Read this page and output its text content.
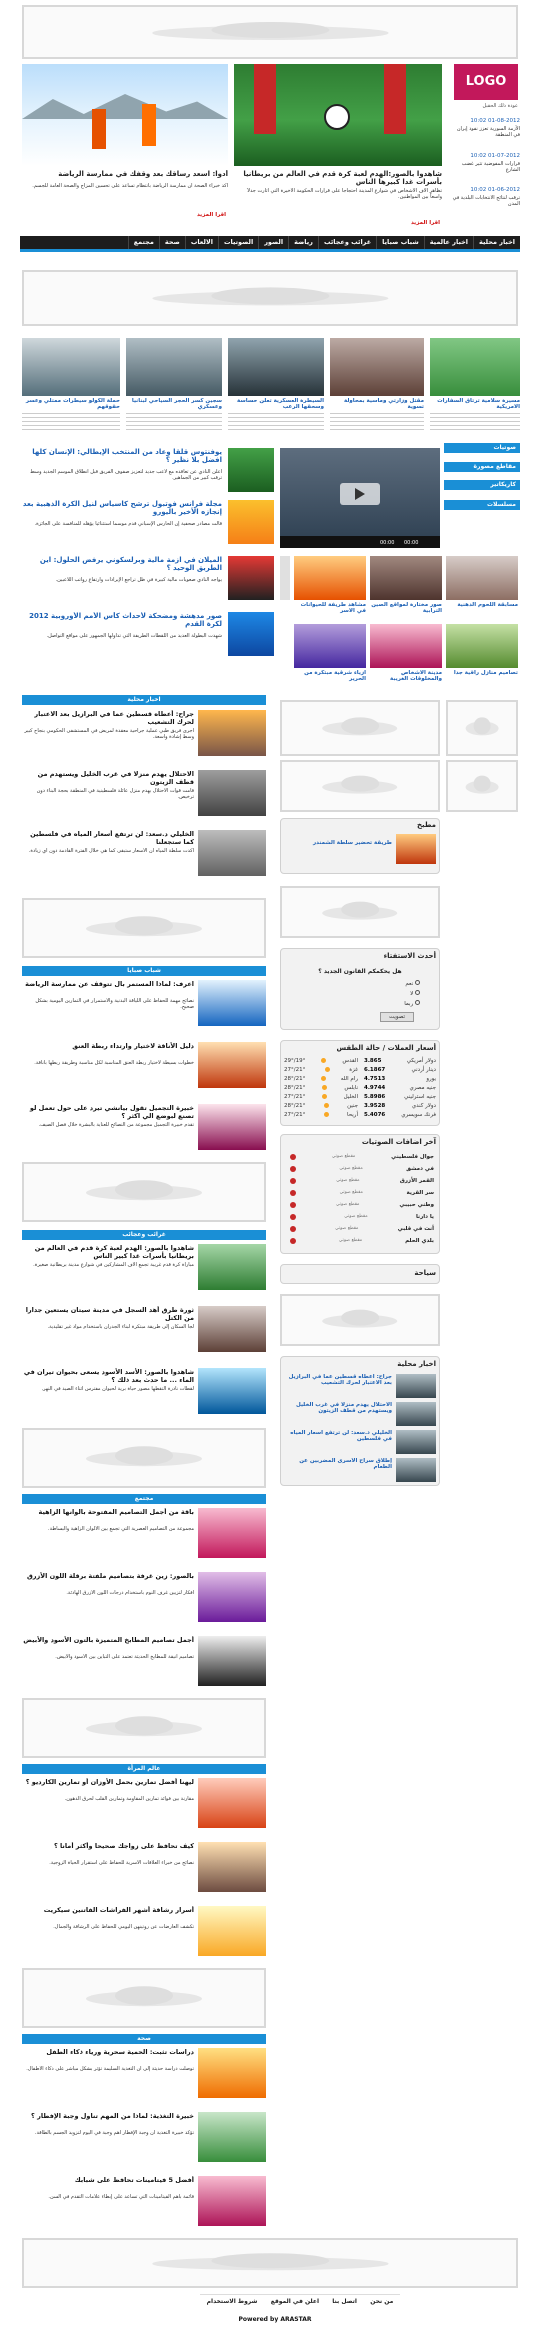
LOGO
عودة ذلك الحقبل
01-08-2012 10:02
الأزمة السورية تعزز نفوذ إيران في المنطقة
01-07-2012 10:02
قرارات المفوضية تثير غضب الشارع
01-06-2012 10:02
ترقب لنتائج الانتخابات البلدية في المدن
شاهدوا بالصور:الهدم لعبة كرة قدم في العالم من بريطانيا بأسرات غدا كبيرها الناس
تظاهر آلاف الأشخاص في شوارع المدينة احتجاجاً على قرارات الحكومة الأخيرة التي أثارت جدلاً واسعاً بين المواطنين.
اقرأ المزيد
أدوا: اسعد رساقك بعد وقفك في ممارسة الرياضة
أكد خبراء الصحة أن ممارسة الرياضة بانتظام تساعد على تحسين المزاج والصحة العامة للجسم.
اقرأ المزيد
اخبار محلية
اخبار عالمية
شباب صبايا
غرائب وعجائب
رياضة
الصور
الصوتيات
الالعاب
صحة
مجتمع
مسيرة سلامية ترتاق السفارات الامريكية
مقتل وزارتي وماسية بمحاولة تسوية
السيطرة العسكرية تعلن حساسة وسحقها الرعب
سجين كسر الحجر السياحي لبنانيا وعسكري
حملة الكولو سيطرات ممتلي وعسر حقوقهم
صوتيات
مقاطع مصورة
كاريكاتير
مسلسلات
00:00 00:00
يوفنتوس قلقا وعاد من المنتخب الإيطالي: الإنسان كلها افضل بلا نظير ؟
أعلن النادي عن تعاقده مع لاعب جديد لتعزيز صفوف الفريق قبل انطلاق الموسم الجديد وسط ترقب كبير من الجماهير.
مجلة فرانس فوتبول ترشح كاسياس لنيل الكرة الذهبية بعد إنجازه الأخير باليورو
قالت مصادر صحفية إن الحارس الإسباني قدم موسماً استثنائياً يؤهله للمنافسة على الجائزة.
الميلان في ازمة مالية وبرلسكوني يرفض الحلول: اين الطريق الوحيد ؟
يواجه النادي صعوبات مالية كبيرة في ظل تراجع الإيرادات وارتفاع رواتب اللاعبين.
صور مدهشة ومضحكة لأحداث كأس الأمم الأوروبية 2012 لكرة القدم
شهدت البطولة العديد من اللقطات الطريفة التي تداولها الجمهور على مواقع التواصل.
مسابقة اللحوم الدهنية
صور مختارة لمواقع الصين الترابية
مشاهد طريفة للحيوانات في الاسر
تصاميم منازل راقية جدا
مدينة الاشخاص والمخلوقات الغريبة
أزياء شرقية مبتكرة من الحرير
اخبار محلية
جراح: أعطاه قسطين عما في البرازيل بعد الاعتبار لحرك التشعيب
أجرى فريق طبي عملية جراحية معقدة لمريض في المستشفى الحكومي بنجاح كبير وسط إشادة واسعة.
الاحتلال يهدم منزلا في غرب الخليل ويستهدم من قطف الزيتون
قامت قوات الاحتلال بهدم منزل عائلة فلسطينية في المنطقة بحجة البناء دون ترخيص.
الخليلي د.سعد: لن ترتفع أسعار المياه في فلسطين كما ستجعلنا
أكدت سلطة المياه أن الأسعار ستبقى كما هي خلال الفترة القادمة دون أي زيادة.
شباب صبايا
اعرف: لماذا المستمر بال تتوقف عن ممارسة الرياضة
نصائح مهمة للحفاظ على اللياقة البدنية والاستمرار في التمارين اليومية بشكل صحيح.
دليل الأناقة لاختيار وارتداء ربطة العنق
خطوات بسيطة لاختيار ربطة العنق المناسبة لكل مناسبة وطريقة ربطها بأناقة.
خبيرة التجميل تقول بيانشي تيرد على حول تعمل لو تصنع لبوضع الي اكثر ؟
تقدم خبيرة التجميل مجموعة من النصائح للعناية بالبشرة خلال فصل الصيف.
غرائب وعجائب
شاهدوا بالصور: الهدم لعبة كرة قدم في العالم من بريطانيا بأسرات غدا كبير الناس
مباراة كرة قدم غريبة تجمع آلاف المشاركين في شوارع مدينة بريطانية صغيرة.
ثورة طرق أهد السجل في مدينة سيتان يستعين جدارا من الكتل
لجأ السكان إلى طريقة مبتكرة لبناء الجدران باستخدام مواد غير تقليدية.
شاهدوا بالصور: الأسد الأسود يسعى بحيوان تيران في الماء ... ما حدث بعد ذلك ؟
لقطات نادرة التقطها مصور حياة برية لحيوان مفترس أثناء الصيد في النهر.
مجتمع
باقة من أجمل التصاميم المفتوحة بالوانها الزاهية
مجموعة من التصاميم العصرية التي تجمع بين الألوان الزاهية والبساطة.
بالصور: زين غرفة بتصاميم ملفتة برقلة اللون الأزرق
أفكار لتزيين غرف النوم باستخدام درجات اللون الأزرق الهادئة.
أجمل تصاميم المطابخ المتميزة بالتون الأسود والأبيض
تصاميم أنيقة للمطابخ الحديثة تعتمد على التباين بين الأسود والأبيض.
عالم المرأة
ليهنا أفضل تمارين بحمل الأوزان أو تمارين الكارديو ؟
مقارنة بين فوائد تمارين المقاومة وتمارين القلب لحرق الدهون.
كيف تحافظ على زواجك صحيحا وأكثر أمانا ؟
نصائح من خبراء العلاقات الأسرية للحفاظ على استقرار الحياة الزوجية.
أسرار رشاقة أشهر الفراشات الفاتنين سيكريت
تكشف العارضات عن روتينهن اليومي للحفاظ على الرشاقة والجمال.
صحة
دراسات تثبت: الحمية سحرية ورياء ذكاء الطفل
توصلت دراسة حديثة إلى أن التغذية السليمة تؤثر بشكل مباشر على ذكاء الأطفال.
خبيرة التغذية: لماذا من المهم تناول وجبة الإفطار ؟
تؤكد خبيرة التغذية أن وجبة الإفطار أهم وجبة في اليوم لتزويد الجسم بالطاقة.
أفضل 5 فيتامينات تحافظ على شبابك
قائمة بأهم الفيتامينات التي تساعد على إبطاء علامات التقدم في السن.
مطبخ
طريقة تحضير سلطة الشمندر
أحدث الاستفتاء
هل يحكمكم القانون الجديد ؟
نعم
لا
ربما
تصويت
أسعار العملات / حالة الطقس
دولار أمريكي
3.865
القدس
29°/19°
دينار أردني
6.1867
غزة
27°/21°
يورو
4.7513
رام الله
28°/21°
جنيه مصري
4.9744
نابلس
28°/21°
جنيه استرليني
5.8986
الخليل
27°/21°
دولار كندي
3.9528
جنين
28°/21°
فرنك سويسري
5.4076
أريحا
27°/21°
آخر اضافات الصوتيات
جوال فلسطيني
مقطع صوتي
في دمشق
مقطع صوتي
القمر الأزرق
مقطع صوتي
سر القرية
مقطع صوتي
وطني حبيبي
مقطع صوتي
يا دارنا
مقطع صوتي
أنت في قلبي
مقطع صوتي
بلدي الحلم
مقطع صوتي
سياحة
اخبار محلية
جراح: أعطاه قسطين عما في البرازيل بعد الاعتبار لحرك التشعيب
الاحتلال يهدم منزلا في غرب الخليل ويستهدم من قطف الزيتون
الخليلي د.سعد: لن ترتفع أسعار المياه في فلسطين
إطلاق سراح الأسرى المضربين عن الطعام
من نحن
اتصل بنا
اعلن في الموقع
شروط الاستخدام
Powered by ARASTAR
